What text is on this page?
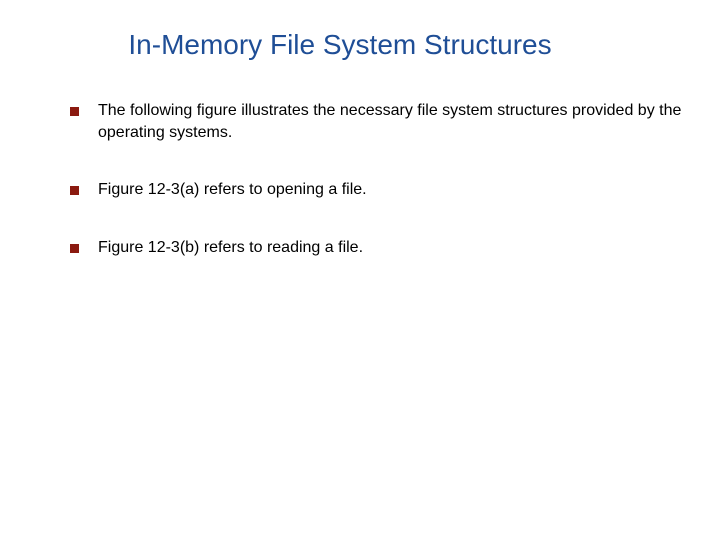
In-Memory File System Structures
The following figure illustrates the necessary file system structures provided by the operating systems.
Figure 12-3(a) refers to opening a file.
Figure 12-3(b) refers to reading a file.
